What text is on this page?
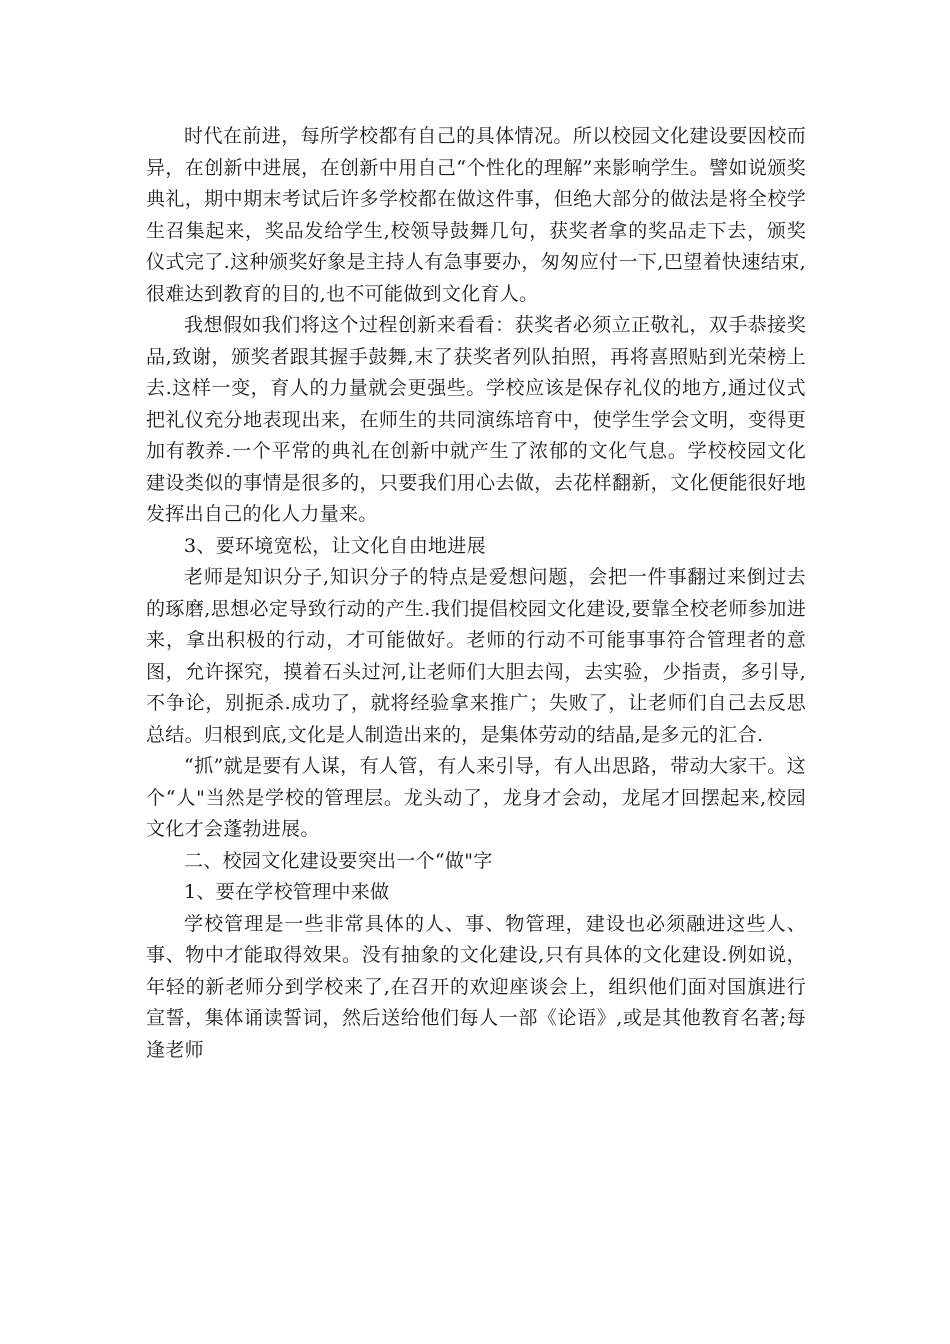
时代在前进，每所学校都有自己的具体情况。所以校园文化建设要因校而异，在创新中进展，在创新中用自己“个性化的理解”来影响学生。譬如说颁奖典礼，期中期末考试后许多学校都在做这件事，但绝大部分的做法是将全校学生召集起来，奖品发给学生,校领导鼓舞几句，获奖者拿的奖品走下去，颁奖仪式完了.这种颁奖好象是主持人有急事要办，匆匆应付一下,巴望着快速结束,很难达到教育的目的,也不可能做到文化育人。

我想假如我们将这个过程创新来看看：获奖者必须立正敬礼，双手恭接奖品,致谢，颁奖者跟其握手鼓舞,末了获奖者列队拍照，再将喜照贴到光荣榜上去.这样一变，育人的力量就会更强些。学校应该是保存礼仪的地方,通过仪式把礼仪充分地表现出来，在师生的共同演练培育中，使学生学会文明，变得更加有教养.一个平常的典礼在创新中就产生了浓郁的文化气息。学校校园文化建设类似的事情是很多的，只要我们用心去做，去花样翻新，文化便能很好地发挥出自己的化人力量来。

3、要环境宽松，让文化自由地进展

老师是知识分子,知识分子的特点是爱想问题，会把一件事翻过来倒过去的琢磨,思想必定导致行动的产生.我们提倡校园文化建设,要靠全校老师参加进来，拿出积极的行动，才可能做好。老师的行动不可能事事符合管理者的意图，允许探究，摸着石头过河,让老师们大胆去闯，去实验，少指责，多引导,不争论，别扼杀.成功了，就将经验拿来推广；失败了，让老师们自己去反思总结。归根到底,文化是人制造出来的，是集体劳动的结晶,是多元的汇合.

“抓”就是要有人谋，有人管，有人来引导，有人出思路，带动大家干。这个“人"当然是学校的管理层。龙头动了，龙身才会动，龙尾才回摆起来,校园文化才会蓬勃进展。

二、校园文化建设要突出一个“做"字

1、要在学校管理中来做

学校管理是一些非常具体的人、事、物管理，建设也必须融进这些人、事、物中才能取得效果。没有抽象的文化建设,只有具体的文化建设.例如说，年轻的新老师分到学校来了,在召开的欢迎座谈会上，组织他们面对国旗进行宣誓，集体诵读誓词，然后送给他们每人一部《论语》,或是其他教育名著;每逢老师
